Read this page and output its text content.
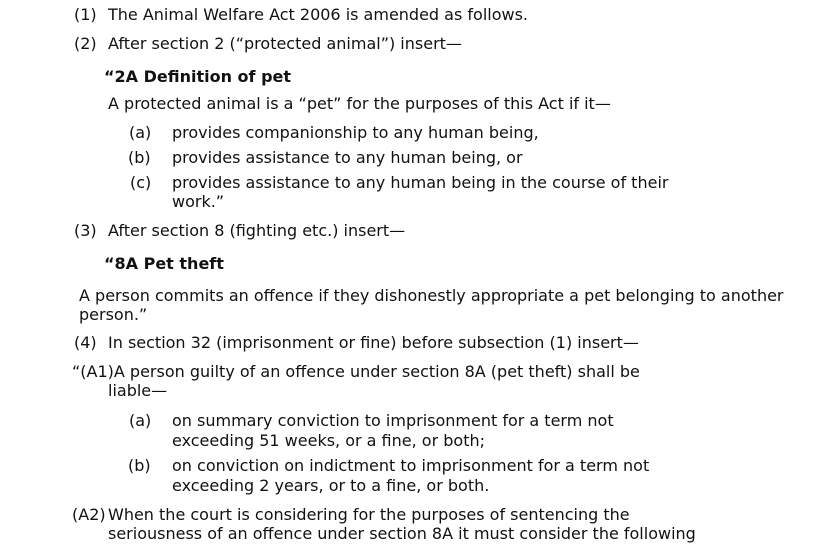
(1) The Animal Welfare Act 2006 is amended as follows.
(2) After section 2 (“protected animal”) insert—
“2A Definition of pet
A protected animal is a “pet” for the purposes of this Act if it—
(a) provides companionship to any human being,
(b) provides assistance to any human being, or
(c) provides assistance to any human being in the course of their
work.”
(3) After section 8 (fighting etc.) insert—
“8A Pet theft
A person commits an offence if they dishonestly appropriate a pet belonging to another
person.”
(4) In section 32 (imprisonment or fine) before subsection (1) insert—
“(A1)A person guilty of an offence under section 8A (pet theft) shall be
liable—
(a) on summary conviction to imprisonment for a term not
exceeding 51 weeks, or a fine, or both;
(b) on conviction on indictment to imprisonment for a term not
exceeding 2 years, or to a fine, or both.
(A2) When the court is considering for the purposes of sentencing the
seriousness of an offence under section 8A it must consider the following
